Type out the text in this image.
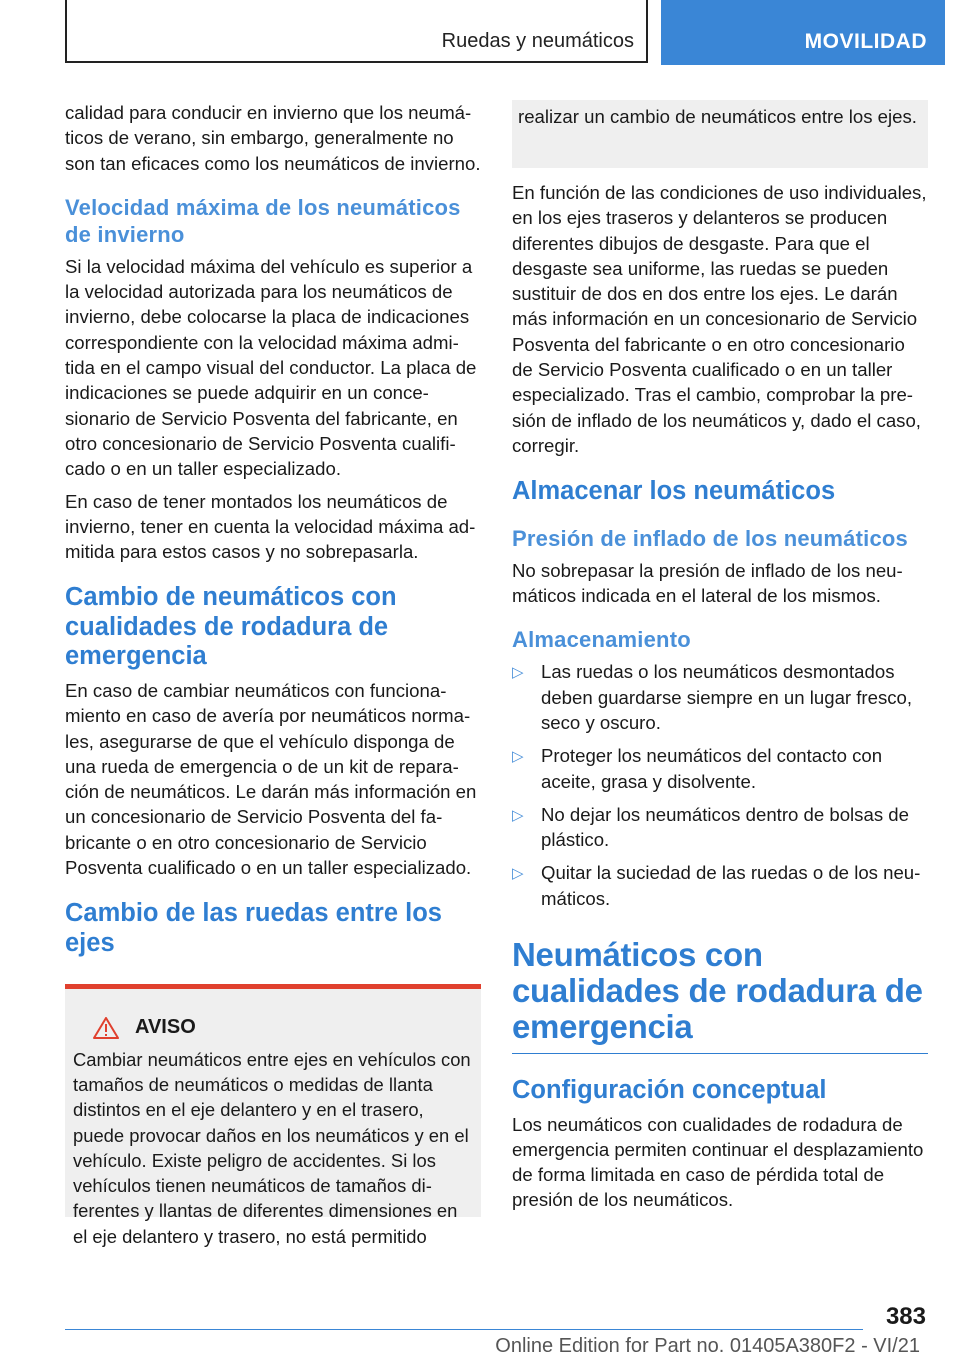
Ruedas y neumáticos	MOVILIDAD

calidad para conducir en invierno que los neumáticos de verano, sin embargo, generalmente no son tan eficaces como los neumáticos de invierno.

Velocidad máxima de los neumáticos de invierno

Si la velocidad máxima del vehículo es superior a la velocidad autorizada para los neumáticos de invierno, debe colocarse la placa de indicaciones correspondiente con la velocidad máxima admitida en el campo visual del conductor. La placa de indicaciones se puede adquirir en un concesionario de Servicio Posventa del fabricante, en otro concesionario de Servicio Posventa cualificado o en un taller especializado.

En caso de tener montados los neumáticos de invierno, tener en cuenta la velocidad máxima admitida para estos casos y no sobrepasarla.

Cambio de neumáticos con cualidades de rodadura de emergencia

En caso de cambiar neumáticos con funcionamiento en caso de avería por neumáticos normales, asegurarse de que el vehículo disponga de una rueda de emergencia o de un kit de reparación de neumáticos. Le darán más información en un concesionario de Servicio Posventa del fabricante o en otro concesionario de Servicio Posventa cualificado o en un taller especializado.

Cambio de las ruedas entre los ejes
AVISO

Cambiar neumáticos entre ejes en vehículos con tamaños de neumáticos o medidas de llanta distintos en el eje delantero y en el trasero, puede provocar daños en los neumáticos y en el vehículo. Existe peligro de accidentes. Si los vehículos tienen neumáticos de tamaños diferentes y llantas de diferentes dimensiones en el eje delantero y trasero, no está permitido

realizar un cambio de neumáticos entre los ejes.

En función de las condiciones de uso individuales, en los ejes traseros y delanteros se producen diferentes dibujos de desgaste. Para que el desgaste sea uniforme, las ruedas se pueden sustituir de dos en dos entre los ejes. Le darán más información en un concesionario de Servicio Posventa del fabricante o en otro concesionario de Servicio Posventa cualificado o en un taller especializado. Tras el cambio, comprobar la presión de inflado de los neumáticos y, dado el caso, corregir.

Almacenar los neumáticos
Presión de inflado de los neumáticos

No sobrepasar la presión de inflado de los neumáticos indicada en el lateral de los mismos.

Almacenamiento
▷ Las ruedas o los neumáticos desmontados deben guardarse siempre en un lugar fresco, seco y oscuro.
▷ Proteger los neumáticos del contacto con aceite, grasa y disolvente.
▷ No dejar los neumáticos dentro de bolsas de plástico.
▷ Quitar la suciedad de las ruedas o de los neumáticos.
Neumáticos con cualidades de rodadura de emergencia
Configuración conceptual

Los neumáticos con cualidades de rodadura de emergencia permiten continuar el desplazamiento de forma limitada en caso de pérdida total de presión de los neumáticos.

383
Online Edition for Part no. 01405A380F2 - VI/21
